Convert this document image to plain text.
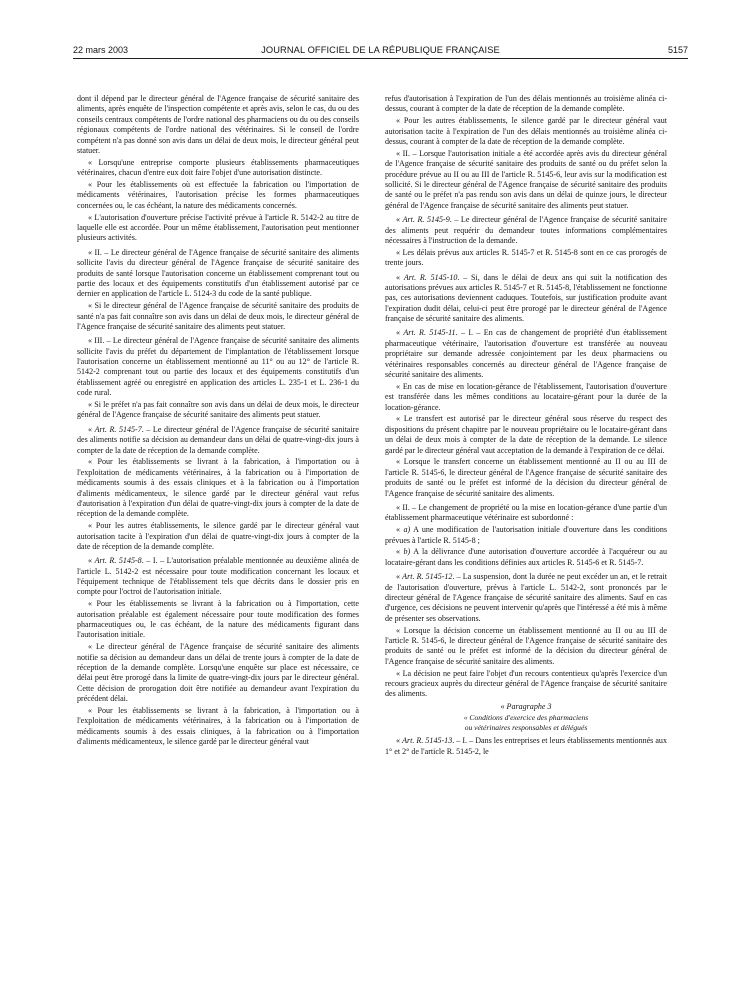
22 mars 2003	JOURNAL OFFICIEL DE LA RÉPUBLIQUE FRANÇAISE	5157

dont il dépend par le directeur général de l'Agence française de sécurité sanitaire des aliments, après enquête de l'inspection compétente et après avis, selon le cas, du ou des conseils centraux compétents de l'ordre national des pharmaciens ou du ou des conseils régionaux compétents de l'ordre national des vétérinaires. Si le conseil de l'ordre compétent n'a pas donné son avis dans un délai de deux mois, le directeur général peut statuer.

« Lorsqu'une entreprise comporte plusieurs établissements pharmaceutiques vétérinaires, chacun d'entre eux doit faire l'objet d'une autorisation distincte.

« Pour les établissements où est effectuée la fabrication ou l'importation de médicaments vétérinaires, l'autorisation précise les formes pharmaceutiques concernées ou, le cas échéant, la nature des médicaments concernés.

« L'autorisation d'ouverture précise l'activité prévue à l'article R. 5142-2 au titre de laquelle elle est accordée. Pour un même établissement, l'autorisation peut mentionner plusieurs activités.

« II. – Le directeur général de l'Agence française de sécurité sanitaire des aliments sollicite l'avis du directeur général de l'Agence française de sécurité sanitaire des produits de santé lorsque l'autorisation concerne un établissement comprenant tout ou partie des locaux et des équipements constitutifs d'un établissement autorisé par ce dernier en application de l'article L. 5124-3 du code de la santé publique.

« Si le directeur général de l'Agence française de sécurité sanitaire des produits de santé n'a pas fait connaître son avis dans un délai de deux mois, le directeur général de l'Agence française de sécurité sanitaire des aliments peut statuer.

« III. – Le directeur général de l'Agence française de sécurité sanitaire des aliments sollicite l'avis du préfet du département de l'implantation de l'établissement lorsque l'autorisation concerne un établissement mentionné au 11° ou au 12° de l'article R. 5142-2 comprenant tout ou partie des locaux et des équipements constitutifs d'un établissement agréé ou enregistré en application des articles L. 235-1 et L. 236-1 du code rural.

« Si le préfet n'a pas fait connaître son avis dans un délai de deux mois, le directeur général de l'Agence française de sécurité sanitaire des aliments peut statuer.

« Art. R. 5145-7. – Le directeur général de l'Agence française de sécurité sanitaire des aliments notifie sa décision au demandeur dans un délai de quatre-vingt-dix jours à compter de la date de réception de la demande complète.

« Pour les établissements se livrant à la fabrication, à l'importation ou à l'exploitation de médicaments vétérinaires, à la fabrication ou à l'importation de médicaments soumis à des essais cliniques et à la fabrication ou à l'importation d'aliments médicamenteux, le silence gardé par le directeur général vaut refus d'autorisation à l'expiration d'un délai de quatre-vingt-dix jours à compter de la date de réception de la demande complète.

« Pour les autres établissements, le silence gardé par le directeur général vaut autorisation tacite à l'expiration d'un délai de quatre-vingt-dix jours à compter de la date de réception de la demande complète.

« Art. R. 5145-8. – I. – L'autorisation préalable mentionnée au deuxième alinéa de l'article L. 5142-2 est nécessaire pour toute modification concernant les locaux et l'équipement technique de l'établissement tels que décrits dans le dossier pris en compte pour l'octroi de l'autorisation initiale.

« Pour les établissements se livrant à la fabrication ou à l'importation, cette autorisation préalable est également nécessaire pour toute modification des formes pharmaceutiques ou, le cas échéant, de la nature des médicaments figurant dans l'autorisation initiale.

« Le directeur général de l'Agence française de sécurité sanitaire des aliments notifie sa décision au demandeur dans un délai de trente jours à compter de la date de réception de la demande complète. Lorsqu'une enquête sur place est nécessaire, ce délai peut être prorogé dans la limite de quatre-vingt-dix jours par le directeur général. Cette décision de prorogation doit être notifiée au demandeur avant l'expiration du précédent délai.

« Pour les établissements se livrant à la fabrication, à l'importation ou à l'exploitation de médicaments vétérinaires, à la fabrication ou à l'importation de médicaments soumis à des essais cliniques, à la fabrication ou à l'importation d'aliments médicamenteux, le silence gardé par le directeur général vaut

refus d'autorisation à l'expiration de l'un des délais mentionnés au troisième alinéa ci-dessus, courant à compter de la date de réception de la demande complète.

« Pour les autres établissements, le silence gardé par le directeur général vaut autorisation tacite à l'expiration de l'un des délais mentionnés au troisième alinéa ci-dessus, courant à compter de la date de réception de la demande complète.

« II. – Lorsque l'autorisation initiale a été accordée après avis du directeur général de l'Agence française de sécurité sanitaire des produits de santé ou du préfet selon la procédure prévue au II ou au III de l'article R. 5145-6, leur avis sur la modification est sollicité. Si le directeur général de l'Agence française de sécurité sanitaire des produits de santé ou le préfet n'a pas rendu son avis dans un délai de quinze jours, le directeur général de l'Agence française de sécurité sanitaire des aliments peut statuer.

« Art. R. 5145-9. – Le directeur général de l'Agence française de sécurité sanitaire des aliments peut requérir du demandeur toutes informations complémentaires nécessaires à l'instruction de la demande.

« Les délais prévus aux articles R. 5145-7 et R. 5145-8 sont en ce cas prorogés de trente jours.

« Art. R. 5145-10. – Si, dans le délai de deux ans qui suit la notification des autorisations prévues aux articles R. 5145-7 et R. 5145-8, l'établissement ne fonctionne pas, ces autorisations deviennent caduques. Toutefois, sur justification produite avant l'expiration dudit délai, celui-ci peut être prorogé par le directeur général de l'Agence française de sécurité sanitaire des aliments.

« Art. R. 5145-11. – I. – En cas de changement de propriété d'un établissement pharmaceutique vétérinaire, l'autorisation d'ouverture est transférée au nouveau propriétaire sur demande adressée conjointement par les deux pharmaciens ou vétérinaires responsables concernés au directeur général de l'Agence française de sécurité sanitaire des aliments.

« En cas de mise en location-gérance de l'établissement, l'autorisation d'ouverture est transférée dans les mêmes conditions au locataire-gérant pour la durée de la location-gérance.

« Le transfert est autorisé par le directeur général sous réserve du respect des dispositions du présent chapitre par le nouveau propriétaire ou le locataire-gérant dans un délai de deux mois à compter de la date de réception de la demande. Le silence gardé par le directeur général vaut acceptation de la demande à l'expiration de ce délai.

« Lorsque le transfert concerne un établissement mentionné au II ou au III de l'article R. 5145-6, le directeur général de l'Agence française de sécurité sanitaire des produits de santé ou le préfet est informé de la décision du directeur général de l'Agence française de sécurité sanitaire des aliments.

« II. – Le changement de propriété ou la mise en location-gérance d'une partie d'un établissement pharmaceutique vétérinaire est subordonné :

« a) A une modification de l'autorisation initiale d'ouverture dans les conditions prévues à l'article R. 5145-8 ;

« b) A la délivrance d'une autorisation d'ouverture accordée à l'acquéreur ou au locataire-gérant dans les conditions définies aux articles R. 5145-6 et R. 5145-7.

« Art. R. 5145-12. – La suspension, dont la durée ne peut excéder un an, et le retrait de l'autorisation d'ouverture, prévus à l'article L. 5142-2, sont prononcés par le directeur général de l'Agence française de sécurité sanitaire des aliments. Sauf en cas d'urgence, ces décisions ne peuvent intervenir qu'après que l'intéressé a été mis à même de présenter ses observations.

« Lorsque la décision concerne un établissement mentionné au II ou au III de l'article R. 5145-6, le directeur général de l'Agence française de sécurité sanitaire des produits de santé ou le préfet est informé de la décision du directeur général de l'Agence française de sécurité sanitaire des aliments.

« La décision ne peut faire l'objet d'un recours contentieux qu'après l'exercice d'un recours gracieux auprès du directeur général de l'Agence française de sécurité sanitaire des aliments.

« Paragraphe 3

« Conditions d'exercice des pharmaciens

ou vétérinaires responsables et délégués

« Art. R. 5145-13. – I. – Dans les entreprises et leurs établissements mentionnés aux 1° et 2° de l'article R. 5145-2, le
